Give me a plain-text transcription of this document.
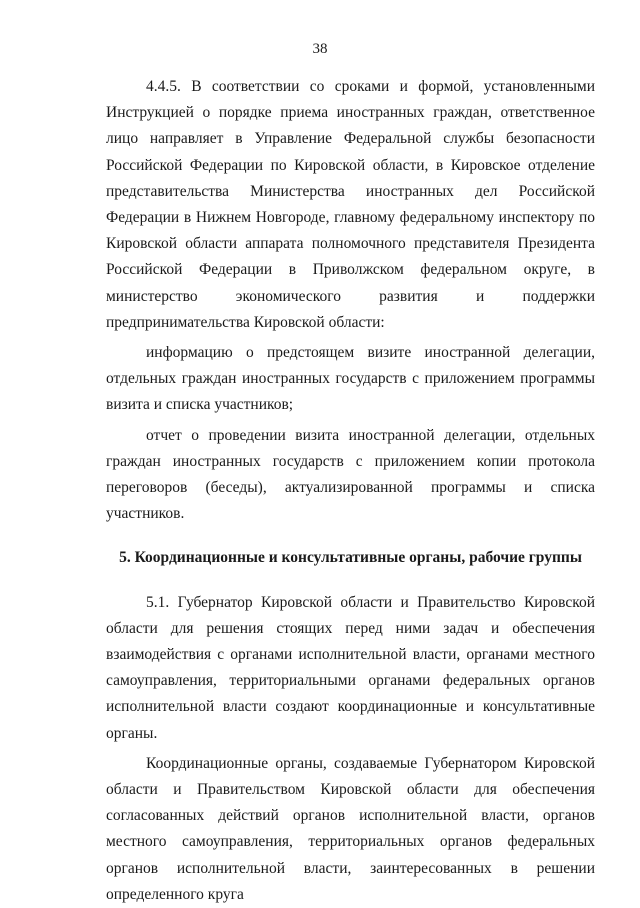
38

4.4.5. В соответствии со сроками и формой, установленными Инструкцией о порядке приема иностранных граждан, ответственное лицо направляет в Управление Федеральной службы безопасности Российской Федерации по Кировской области, в Кировское отделение представительства Министерства иностранных дел Российской Федерации в Нижнем Новгороде, главному федеральному инспектору по Кировской области аппарата полномочного представителя Президента Российской Федерации в Приволжском федеральном округе, в министерство экономического развития и поддержки предпринимательства Кировской области:

информацию о предстоящем визите иностранной делегации, отдельных граждан иностранных государств с приложением программы визита и списка участников;

отчет о проведении визита иностранной делегации, отдельных граждан иностранных государств с приложением копии протокола переговоров (беседы), актуализированной программы и списка участников.

5. Координационные и консультативные органы, рабочие группы

5.1. Губернатор Кировской области и Правительство Кировской области для решения стоящих перед ними задач и обеспечения взаимодействия с органами исполнительной власти, органами местного самоуправления, территориальными органами федеральных органов исполнительной власти создают координационные и консультативные органы.

Координационные органы, создаваемые Губернатором Кировской области и Правительством Кировской области для обеспечения согласованных действий органов исполнительной власти, органов местного самоуправления, территориальных органов федеральных органов исполнительной власти, заинтересованных в решении определенного круга
